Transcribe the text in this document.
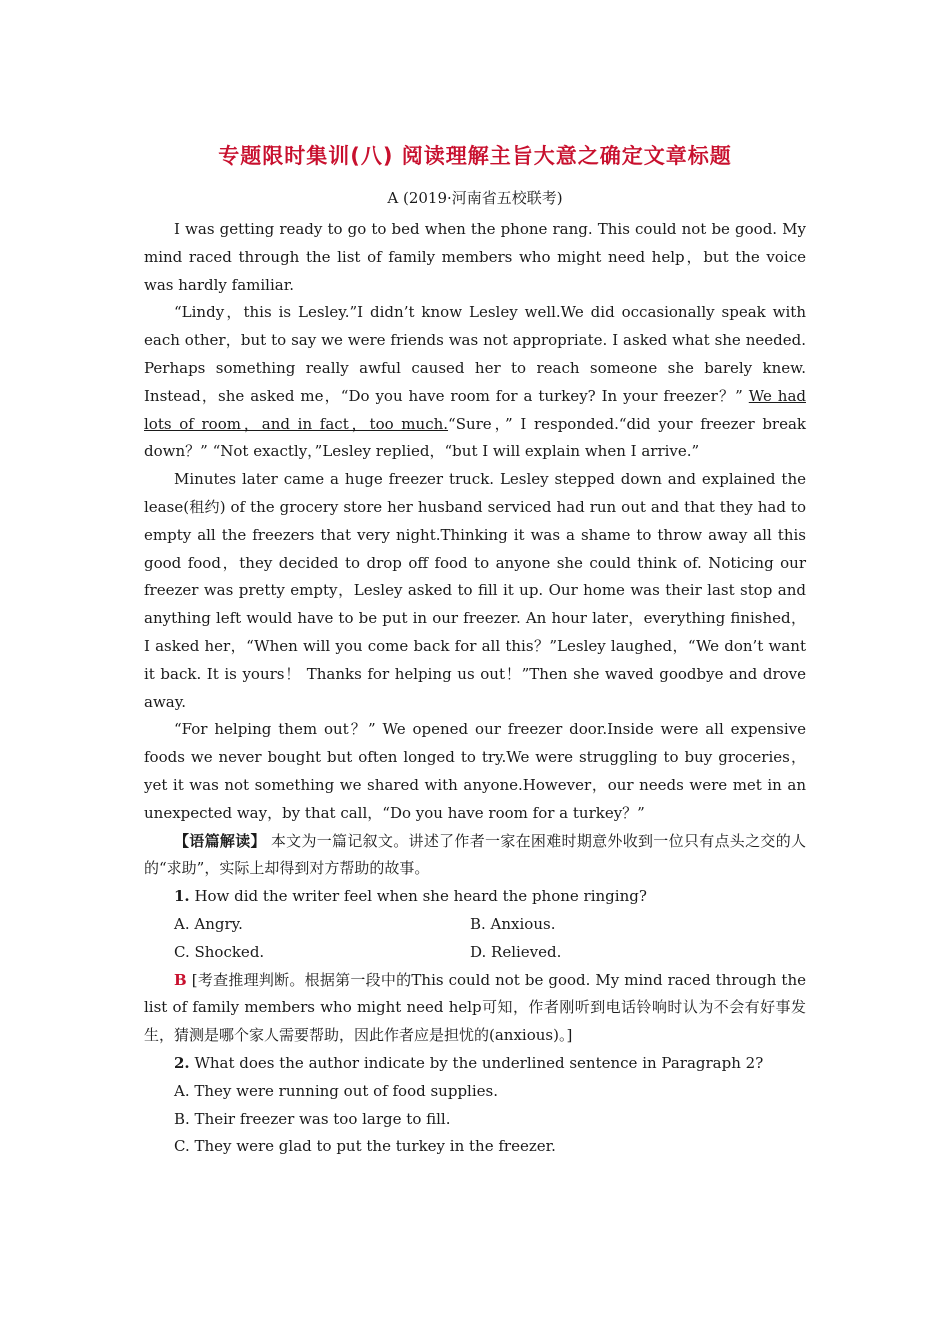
专题限时集训(八) 阅读理解主旨大意之确定文章标题
A (2019·河南省五校联考)

I was getting ready to go to bed when the phone rang. This could not be good. My mind raced through the list of family members who might need help，but the voice was hardly familiar.

“Lindy，this is Lesley.”I didn’t know Lesley well.We did occasionally speak with each other，but to say we were friends was not appropriate. I asked what she needed. Perhaps something really awful caused her to reach someone she barely knew. Instead，she asked me，“Do you have room for a turkey? In your freezer？” We had lots of room，and in fact，too much.“Sure，” I responded.“did your freezer break down？” “Not exactly，”Lesley replied，“but I will explain when I arrive.”

Minutes later came a huge freezer truck. Lesley stepped down and explained the lease(租约) of the grocery store her husband serviced had run out and that they had to empty all the freezers that very night.Thinking it was a shame to throw away all this good food，they decided to drop off food to anyone she could think of. Noticing our freezer was pretty empty，Lesley asked to fill it up. Our home was their last stop and anything left would have to be put in our freezer. An hour later，everything finished，I asked her，“When will you come back for all this？”Lesley laughed，“We don’t want it back. It is yours！ Thanks for helping us out！”Then she waved goodbye and drove away.

“For helping them out？” We opened our freezer door.Inside were all expensive foods we never bought but often longed to try.We were struggling to buy groceries，yet it was not something we shared with anyone.However，our needs were met in an unexpected way，by that call，“Do you have room for a turkey？”

【语篇解读】 本文为一篇记叙文。讲述了作者一家在困难时期意外收到一位只有点头之交的人的“求助”，实际上却得到对方帮助的故事。

1. How did the writer feel when she heard the phone ringing?
A. Angry.	B. Anxious.
C. Shocked.	D. Relieved.

B [考查推理判断。根据第一段中的This could not be good. My mind raced through the list of family members who might need help可知，作者刚听到电话铃响时认为不会有好事发生，猜测是哪个家人需要帮助，因此作者应是担忧的(anxious)。]

2. What does the author indicate by the underlined sentence in Paragraph 2?
A. They were running out of food supplies.
B. Their freezer was too large to fill.
C. They were glad to put the turkey in the freezer.
